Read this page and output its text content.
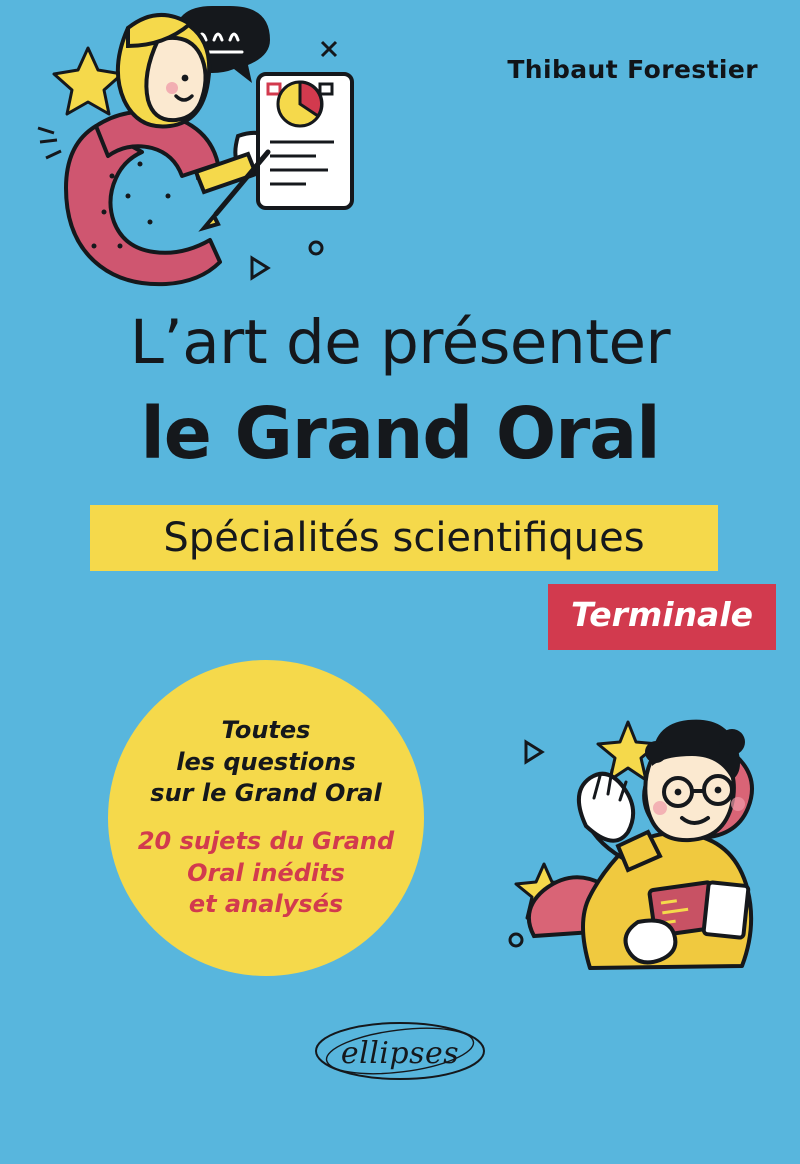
Thibaut Forestier
L’art de présenter
le Grand Oral
Spécialités scientifiques
Terminale
Toutes
les questions
sur le Grand Oral
20 sujets du Grand
Oral inédits
et analysés
ellipses
